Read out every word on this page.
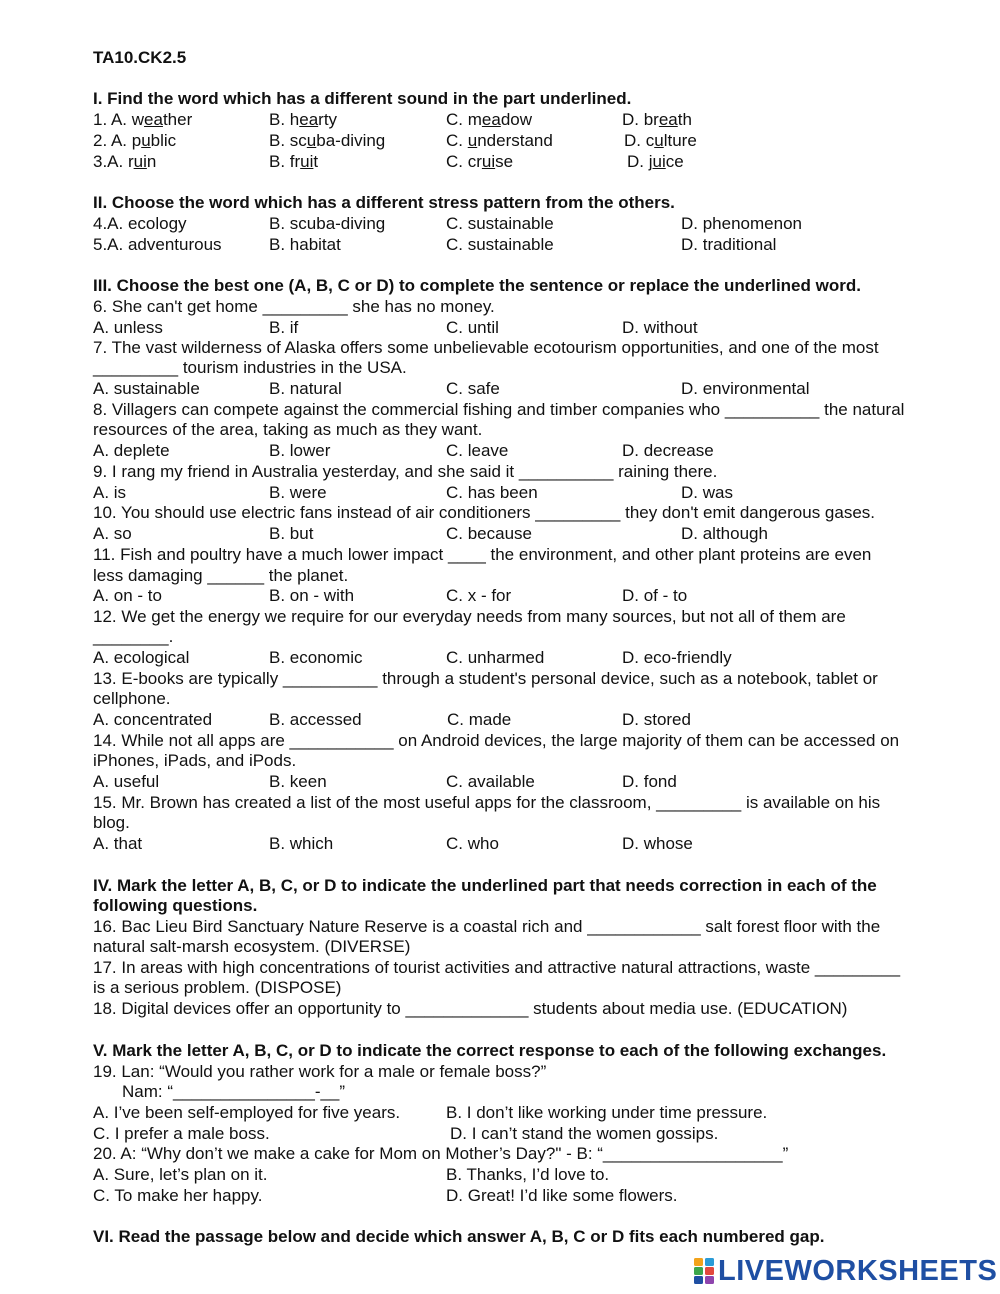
TA10.CK2.5
I. Find the word which has a different sound in the part underlined.
1. A. weather	B. hearty	C. meadow	D. breath
2. A. public	B. scuba-diving	C. understand	D. culture
3.A. ruin	B. fruit	C. cruise	D. juice
II. Choose the word which has a different stress pattern from the others.
4.A. ecology	B. scuba-diving	C. sustainable	D. phenomenon
5.A. adventurous	B. habitat	C. sustainable	D. traditional
III. Choose the best one (A, B, C or D) to complete the sentence or replace the underlined word.
6. She can't get home _________ she has no money.
A. unless	B. if	C. until	D. without
7. The vast wilderness of Alaska offers some unbelievable ecotourism opportunities, and one of the most
_________ tourism industries in the USA.
A. sustainable	B. natural	C. safe	D. environmental
8. Villagers can compete against the commercial fishing and timber companies who __________ the natural
resources of the area, taking as much as they want.
A. deplete	B. lower	C. leave	D. decrease
9. I rang my friend in Australia yesterday, and she said it __________ raining there.
A. is	B. were	C. has been	D. was
10. You should use electric fans instead of air conditioners _________ they don't emit dangerous gases.
A. so	B. but	C. because	D. although
11. Fish and poultry have a much lower impact ____ the environment, and other plant proteins are even
less damaging ______ the planet.
A. on - to	B. on - with	C. x - for	D. of - to
12. We get the energy we require for our everyday needs from many sources, but not all of them are
________.
A. ecological	B. economic	C. unharmed	D. eco-friendly
13. E-books are typically __________ through a student's personal device, such as a notebook, tablet or
cellphone.
A. concentrated	B. accessed	C. made	D. stored
14. While not all apps are ___________ on Android devices, the large majority of them can be accessed on
iPhones, iPads, and iPods.
A. useful	B. keen	C. available	D. fond
15. Mr. Brown has created a list of the most useful apps for the classroom, _________ is available on his
blog.
A. that	B. which	C. who	D. whose
IV. Mark the letter A, B, C, or D to indicate the underlined part that needs correction in each of the
following questions.
16. Bac Lieu Bird Sanctuary Nature Reserve is a coastal rich and ____________ salt forest floor with the
natural salt-marsh ecosystem. (DIVERSE)
17. In areas with high concentrations of tourist activities and attractive natural attractions, waste _________
is a serious problem. (DISPOSE)
18. Digital devices offer an opportunity to _____________ students about media use. (EDUCATION)
V. Mark the letter A, B, C, or D to indicate the correct response to each of the following exchanges.
19. Lan: “Would you rather work for a male or female boss?”
Nam: “_______________-__”
A. I’ve been self-employed for five years.	B. I don’t like working under time pressure.
C. I prefer a male boss.	D. I can’t stand the women gossips.
20. A: “Why don’t we make a cake for Mom on Mother’s Day?" - B: “___________________”
A. Sure, let’s plan on it.	B. Thanks, I’d love to.
C. To make her happy.	D. Great! I’d like some flowers.
VI. Read the passage below and decide which answer A, B, C or D fits each numbered gap.
LIVEWORKSHEETS
